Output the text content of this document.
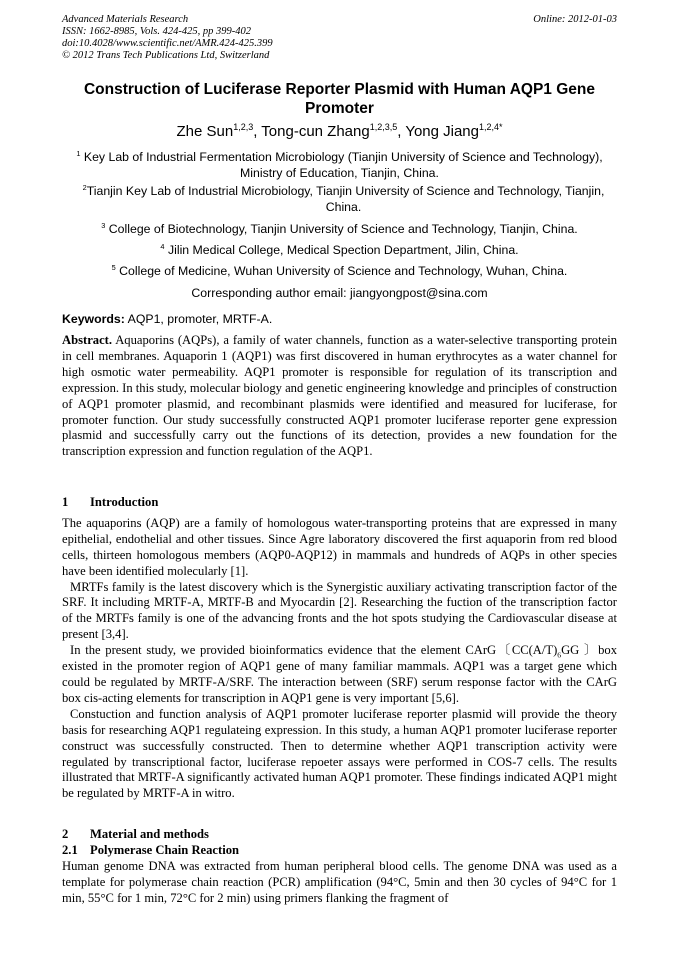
Advanced Materials Research
ISSN: 1662-8985, Vols. 424-425, pp 399-402
doi:10.4028/www.scientific.net/AMR.424-425.399
© 2012 Trans Tech Publications Ltd, Switzerland
Online: 2012-01-03
Construction of Luciferase Reporter Plasmid with Human AQP1 Gene Promoter
Zhe Sun$^{1,2,3}$, Tong-cun Zhang$^{1,2,3,5}$, Yong Jiang$^{1,2,4*}$
$^1$ Key Lab of Industrial Fermentation Microbiology (Tianjin University of Science and Technology), Ministry of Education, Tianjin, China.
$^2$Tianjin Key Lab of Industrial Microbiology, Tianjin University of Science and Technology, Tianjin, China.
$^3$ College of Biotechnology, Tianjin University of Science and Technology, Tianjin, China.
$^4$ Jilin Medical College, Medical Spection Department, Jilin, China.
$^5$ College of Medicine, Wuhan University of Science and Technology, Wuhan, China.
Corresponding author email: jiangyongpost@sina.com
Keywords: AQP1, promoter, MRTF-A.

Abstract. Aquaporins (AQPs), a family of water channels, function as a water-selective transporting protein in cell membranes. Aquaporin 1 (AQP1) was first discovered in human erythrocytes as a water channel for high osmotic water permeability. AQP1 promoter is responsible for regulation of its transcription and expression. In this study, molecular biology and genetic engineering knowledge and principles of construction of AQP1 promoter plasmid, and recombinant plasmids were identified and measured for luciferase, for promoter function. Our study successfully constructed AQP1 promoter luciferase reporter gene expression plasmid and successfully carry out the functions of its detection, provides a new foundation for the transcription expression and function regulation of the AQP1.

1 Introduction

The aquaporins (AQP) are a family of homologous water-transporting proteins that are expressed in many epithelial, endothelial and other tissues. Since Agre laboratory discovered the first aquaporin from red blood cells, thirteen homologous members (AQP0-AQP12) in mammals and hundreds of AQPs in other species have been identified molecularly [1].

MRTFs family is the latest discovery which is the Synergistic auxiliary activating transcription factor of the SRF. It including MRTF-A, MRTF-B and Myocardin [2]. Researching the fuction of the transcription factor of the MRTFs family is one of the advancing fronts and the hot spots studying the Cardiovascular disease at present [3,4].

In the present study, we provided bioinformatics evidence that the element CArG〔$CC(A/T)_6GG$ 〕box existed in the promoter region of AQP1 gene of many familiar mammals. AQP1 was a target gene which could be regulated by MRTF-A/SRF. The interaction between (SRF) serum response factor with the CArG box cis-acting elements for transcription in AQP1 gene is very important [5,6].

Constuction and function analysis of AQP1 promoter luciferase reporter plasmid will provide the theory basis for researching AQP1 regulateing expression. In this study, a human AQP1 promoter luciferase reporter construct was successfully constructed. Then to determine whether AQP1 transcription activity were regulated by transcriptional factor, luciferase repoeter assays were performed in COS-7 cells. The results illustrated that MRTF-A significantly activated human AQP1 promoter. These findings indicated AQP1 might be regulated by MRTF-A in witro.

2 Material and methods

2.1 Polymerase Chain Reaction

Human genome DNA was extracted from human peripheral blood cells. The genome DNA was used as a template for polymerase chain reaction (PCR) amplification (94°C, 5min and then 30 cycles of 94°C for 1 min, 55°C for 1 min, 72°C for 2 min) using primers flanking the fragment of
